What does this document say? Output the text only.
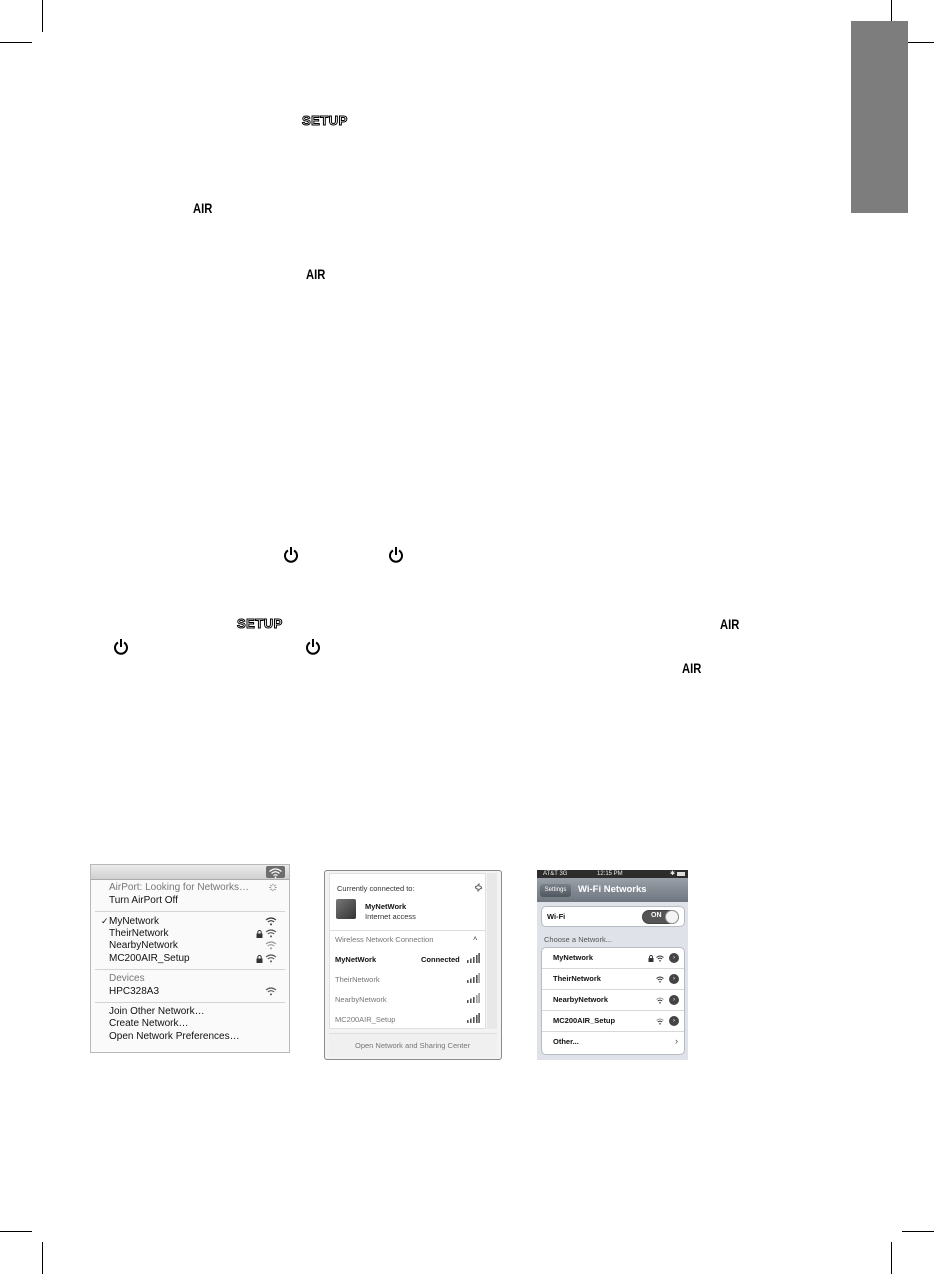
SETUP
AIR
AIR
SETUP	AIR
AIR
AirPort: Looking for Networks…
Turn AirPort Off
✓ MyNetwork
TheirNetwork
NearbyNetwork
MC200AIR_Setup
Devices
HPC328A3
Join Other Network…
Create Network…
Open Network Preferences…
Currently connected to:
MyNetWork
Internet access
Wireless Network Connection	˄
MyNetWork	Connected
TheirNetwork
NearbyNetwork
MC200AIR_Setup
Open Network and Sharing Center
AT&T 3G	12:15 PM	✱
Settings	Wi-Fi Networks
Wi-Fi	ON
Choose a Network...
MyNetwork	›
TheirNetwork	›
NearbyNetwork	›
MC200AIR_Setup	›
Other...	›
